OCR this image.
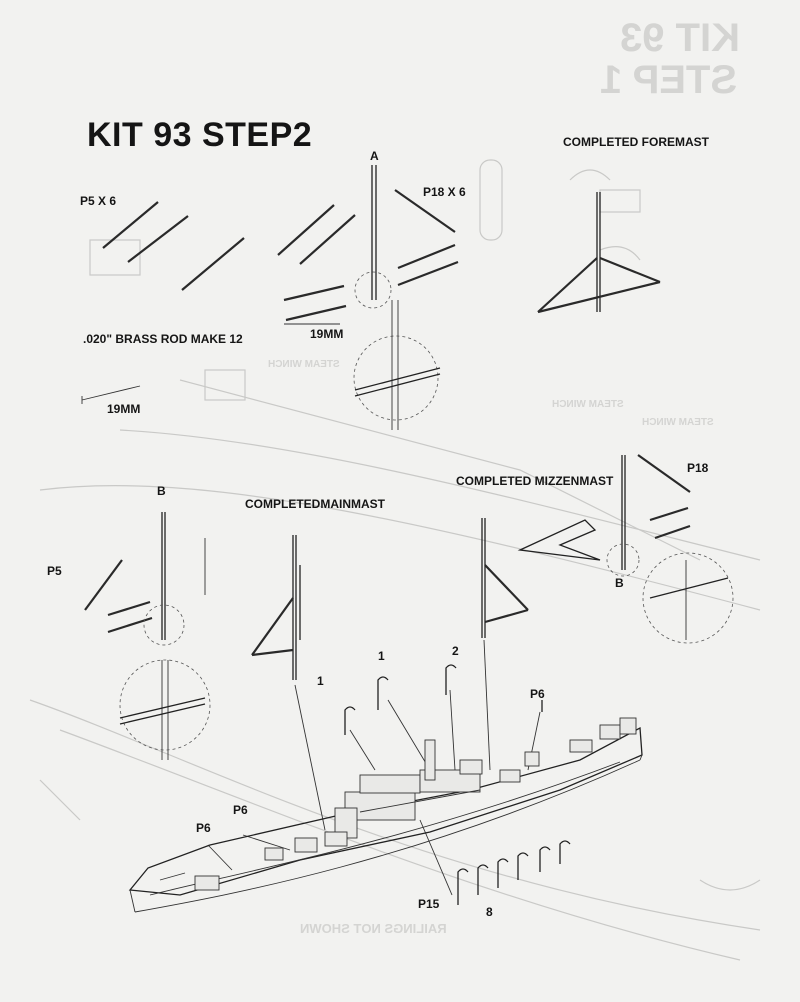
KIT 93

STEP 1

RAILINGS NOT SHOWN

STEAM WINCH

STEAM WINCH

STEAM WINCH

KIT 93 STEP2

A

COMPLETED FOREMAST

P18 X 6

P5 X 6

.020" BRASS ROD MAKE 12	19MM

19MM

COMPLETED MIZZENMAST

P18

B

COMPLETEDMAINMAST

P5

B

1	2

1

P6

P6

P6

P15

8
